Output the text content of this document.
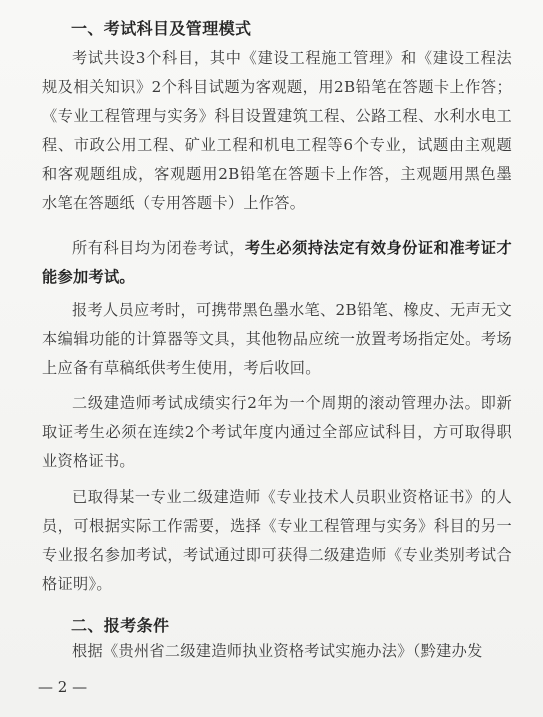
一、考试科目及管理模式

考试共设3个科目，其中《建设工程施工管理》和《建设工程法规及相关知识》2个科目试题为客观题，用2B铅笔在答题卡上作答；《专业工程管理与实务》科目设置建筑工程、公路工程、水利水电工程、市政公用工程、矿业工程和机电工程等6个专业，试题由主观题和客观题组成，客观题用2B铅笔在答题卡上作答，主观题用黑色墨水笔在答题纸（专用答题卡）上作答。

所有科目均为闭卷考试，考生必须持法定有效身份证和准考证才能参加考试。

报考人员应考时，可携带黑色墨水笔、2B铅笔、橡皮、无声无文本编辑功能的计算器等文具，其他物品应统一放置考场指定处。考场上应备有草稿纸供考生使用，考后收回。

二级建造师考试成绩实行2年为一个周期的滚动管理办法。即新取证考生必须在连续2个考试年度内通过全部应试科目，方可取得职业资格证书。

已取得某一专业二级建造师《专业技术人员职业资格证书》的人员，可根据实际工作需要，选择《专业工程管理与实务》科目的另一专业报名参加考试，考试通过即可获得二级建造师《专业类别考试合格证明》。

二、报考条件

根据《贵州省二级建造师执业资格考试实施办法》（黔建办发

— 2 —
